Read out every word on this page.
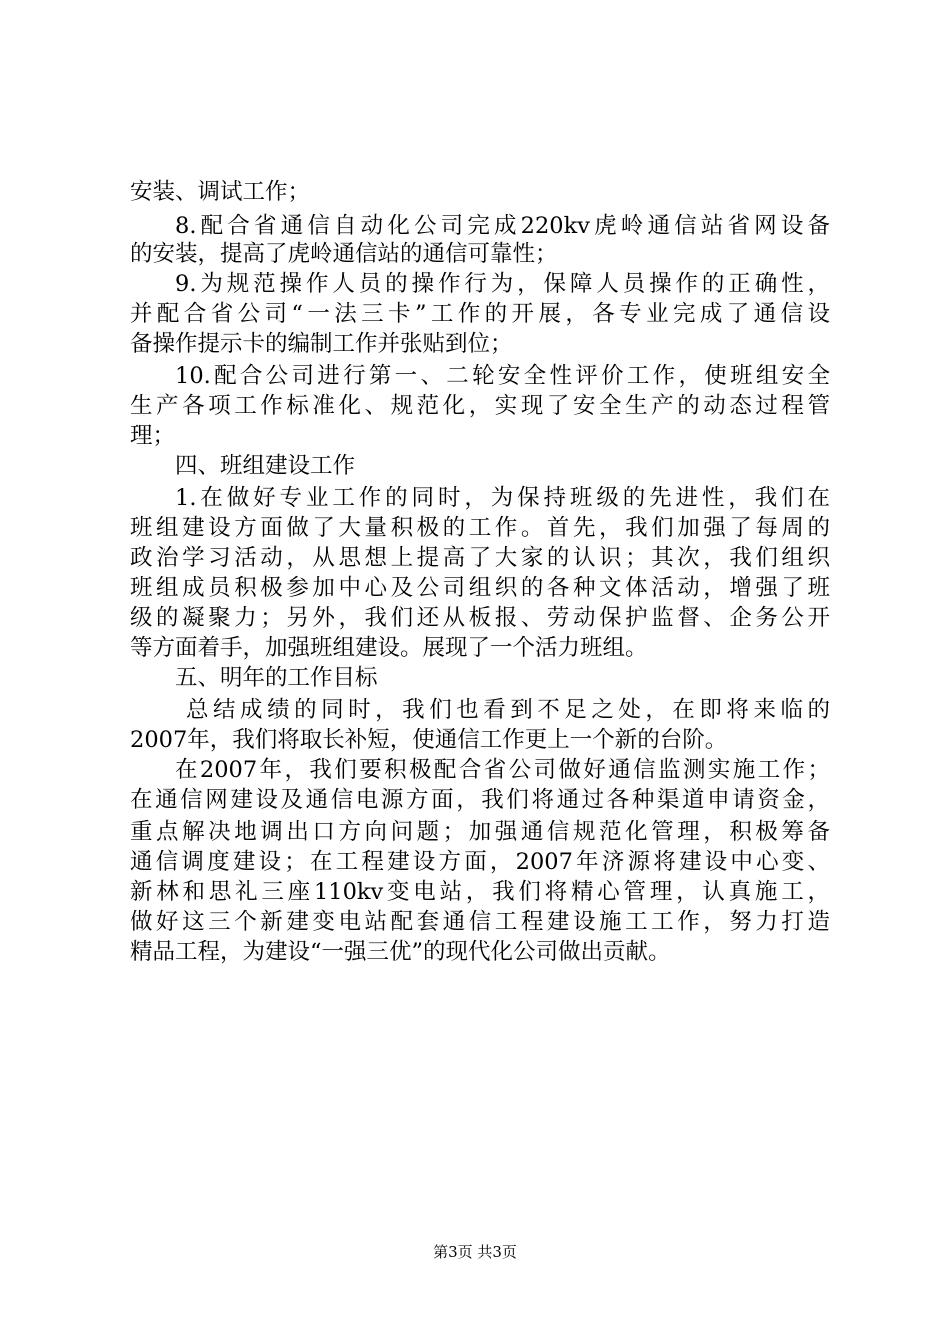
安装、调试工作；
8.配合省通信自动化公司完成220kv虎岭通信站省网设备
的安装，提高了虎岭通信站的通信可靠性；
9.为规范操作人员的操作行为，保障人员操作的正确性，
并配合省公司“一法三卡”工作的开展，各专业完成了通信设
备操作提示卡的编制工作并张贴到位；
10.配合公司进行第一、二轮安全性评价工作，使班组安全
生产各项工作标准化、规范化，实现了安全生产的动态过程管
理；
四、班组建设工作
1.在做好专业工作的同时，为保持班级的先进性，我们在
班组建设方面做了大量积极的工作。首先，我们加强了每周的
政治学习活动，从思想上提高了大家的认识；其次，我们组织
班组成员积极参加中心及公司组织的各种文体活动，增强了班
级的凝聚力；另外，我们还从板报、劳动保护监督、企务公开
等方面着手，加强班组建设。展现了一个活力班组。
五、明年的工作目标
总结成绩的同时，我们也看到不足之处，在即将来临的
2007年，我们将取长补短，使通信工作更上一个新的台阶。
在2007年，我们要积极配合省公司做好通信监测实施工作；
在通信网建设及通信电源方面，我们将通过各种渠道申请资金，
重点解决地调出口方向问题；加强通信规范化管理，积极筹备
通信调度建设；在工程建设方面，2007年济源将建设中心变、
新林和思礼三座110kv变电站，我们将精心管理，认真施工，
做好这三个新建变电站配套通信工程建设施工工作，努力打造
精品工程，为建设“一强三优”的现代化公司做出贡献。
第3页 共3页
